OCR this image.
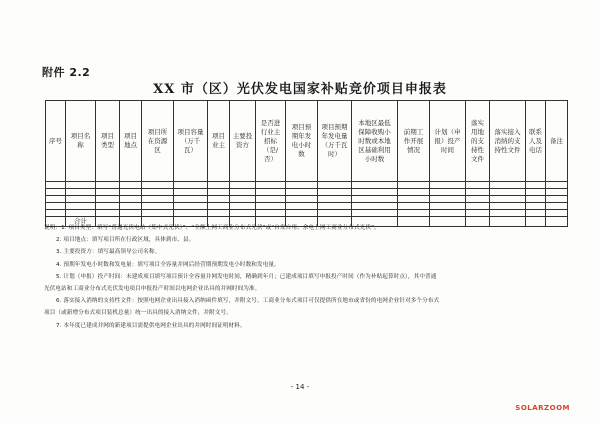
附件 2.2
XX 市（区）光伏发电国家补贴竞价项目申报表
序号	项目名称	项目类型	项目地点	项目所在资源区	项目容量（万千瓦）	项目业主	主要投资方	是否进行业主招标（是/否）	项目预期年发电小时数	项目预期年发电量（万千瓦时）	本地区最低保障收购小时数或本地区基础利用小时数	前期工作开展情况	计划（申报）投产时间	落实用地的支持性文件	落实接入消纳的支持性文件	联系人及电话	备注

	合计																

说明：1. 项目类型：填写“普通光伏电站（集中式光伏）”、“全额上网工商业分布式光伏”或“自发自用、余电上网工商业分布式光伏”。

2. 项目地点：填写项目所在行政区域，具体到市、县。

3. 主要投资方：填写最高领导公司名称。

4. 预期年发电小时数和发电量：填写项目全容量并网后经营期预期发电小时数和发电量。

5. 计划（申报）投产时间：未建成项目填写项目预计全容量并网发电时间，精确到年月；已建成项目填写申报投产时间（作为补贴起算时点），其中普通

光伏电站和工商业分布式光伏发电项目申报投产时间以电网企业出具的并网时间为准。

6. 落实接入消纳的支持性文件：按照电网企业出具接入消纳函件填写，并附文号。工商业分布式项目可仅提供所在地市或省份的电网企业针对多个分布式

项目（或新增分布式项目装机总量）统一出具的接入消纳文件，并附文号。

7. 本年度已建成并网的新建项目需提供电网企业出具的并网时间证明材料。

- 14 -
SOLARZOOM
